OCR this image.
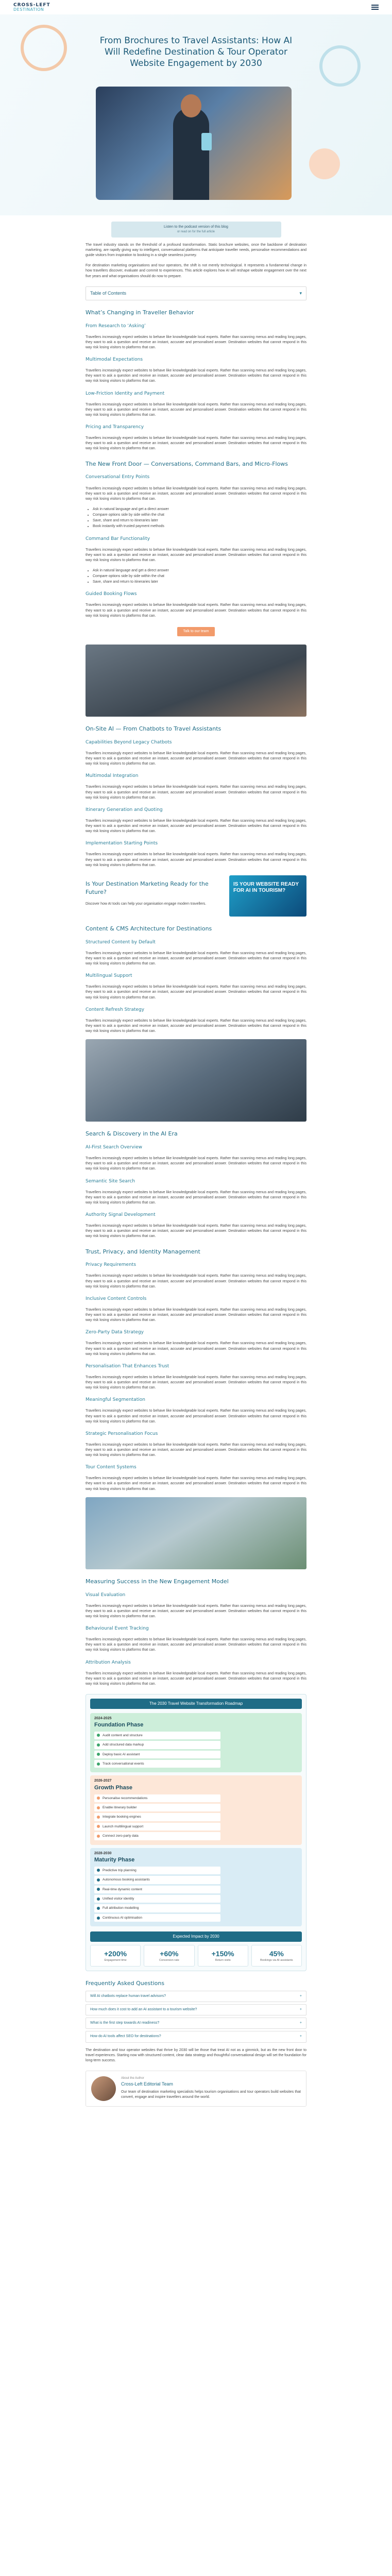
CROSS-LEFT
DESTINATION
From Brochures to Travel Assistants: How AI Will Redefine Destination & Tour Operator Website Engagement by 2030
Listen to the podcast version of this blog
or read on for the full article

The travel industry stands on the threshold of a profound transformation. Static brochure websites, once the backbone of destination marketing, are rapidly giving way to intelligent, conversational platforms that anticipate traveller needs, personalise recommendations and guide visitors from inspiration to booking in a single seamless journey.

For destination marketing organisations and tour operators, the shift is not merely technological. It represents a fundamental change in how travellers discover, evaluate and commit to experiences. This article explores how AI will reshape website engagement over the next five years and what organisations should do now to prepare.

Table of Contents	▾
What’s Changing in Traveller Behavior
From Research to ‘Asking’

Travellers increasingly expect websites to behave like knowledgeable local experts. Rather than scanning menus and reading long pages, they want to ask a question and receive an instant, accurate and personalised answer. Destination websites that cannot respond in this way risk losing visitors to platforms that can.

Multimodal Expectations

Travellers increasingly expect websites to behave like knowledgeable local experts. Rather than scanning menus and reading long pages, they want to ask a question and receive an instant, accurate and personalised answer. Destination websites that cannot respond in this way risk losing visitors to platforms that can.

Low-Friction Identity and Payment

Travellers increasingly expect websites to behave like knowledgeable local experts. Rather than scanning menus and reading long pages, they want to ask a question and receive an instant, accurate and personalised answer. Destination websites that cannot respond in this way risk losing visitors to platforms that can.

Pricing and Transparency

Travellers increasingly expect websites to behave like knowledgeable local experts. Rather than scanning menus and reading long pages, they want to ask a question and receive an instant, accurate and personalised answer. Destination websites that cannot respond in this way risk losing visitors to platforms that can.

The New Front Door — Conversations, Command Bars, and Micro-Flows
Conversational Entry Points

Travellers increasingly expect websites to behave like knowledgeable local experts. Rather than scanning menus and reading long pages, they want to ask a question and receive an instant, accurate and personalised answer. Destination websites that cannot respond in this way risk losing visitors to platforms that can.

• Ask in natural language and get a direct answer
• Compare options side by side within the chat
• Save, share and return to itineraries later
• Book instantly with trusted payment methods
Command Bar Functionality

Travellers increasingly expect websites to behave like knowledgeable local experts. Rather than scanning menus and reading long pages, they want to ask a question and receive an instant, accurate and personalised answer. Destination websites that cannot respond in this way risk losing visitors to platforms that can.

• Ask in natural language and get a direct answer
• Compare options side by side within the chat
• Save, share and return to itineraries later
Guided Booking Flows

Travellers increasingly expect websites to behave like knowledgeable local experts. Rather than scanning menus and reading long pages, they want to ask a question and receive an instant, accurate and personalised answer. Destination websites that cannot respond in this way risk losing visitors to platforms that can.

Talk to our team
On-Site AI — From Chatbots to Travel Assistants
Capabilities Beyond Legacy Chatbots

Travellers increasingly expect websites to behave like knowledgeable local experts. Rather than scanning menus and reading long pages, they want to ask a question and receive an instant, accurate and personalised answer. Destination websites that cannot respond in this way risk losing visitors to platforms that can.

Multimodal Integration

Travellers increasingly expect websites to behave like knowledgeable local experts. Rather than scanning menus and reading long pages, they want to ask a question and receive an instant, accurate and personalised answer. Destination websites that cannot respond in this way risk losing visitors to platforms that can.

Itinerary Generation and Quoting

Travellers increasingly expect websites to behave like knowledgeable local experts. Rather than scanning menus and reading long pages, they want to ask a question and receive an instant, accurate and personalised answer. Destination websites that cannot respond in this way risk losing visitors to platforms that can.

Implementation Starting Points

Travellers increasingly expect websites to behave like knowledgeable local experts. Rather than scanning menus and reading long pages, they want to ask a question and receive an instant, accurate and personalised answer. Destination websites that cannot respond in this way risk losing visitors to platforms that can.

Is Your Destination Marketing Ready for the Future?

Discover how AI tools can help your organisation engage modern travellers.

IS YOUR WEBSITE READY FOR AI IN TOURISM?
Content & CMS Architecture for Destinations
Structured Content by Default

Travellers increasingly expect websites to behave like knowledgeable local experts. Rather than scanning menus and reading long pages, they want to ask a question and receive an instant, accurate and personalised answer. Destination websites that cannot respond in this way risk losing visitors to platforms that can.

Multilingual Support

Travellers increasingly expect websites to behave like knowledgeable local experts. Rather than scanning menus and reading long pages, they want to ask a question and receive an instant, accurate and personalised answer. Destination websites that cannot respond in this way risk losing visitors to platforms that can.

Content Refresh Strategy

Travellers increasingly expect websites to behave like knowledgeable local experts. Rather than scanning menus and reading long pages, they want to ask a question and receive an instant, accurate and personalised answer. Destination websites that cannot respond in this way risk losing visitors to platforms that can.

Search & Discovery in the AI Era
AI-First Search Overview

Travellers increasingly expect websites to behave like knowledgeable local experts. Rather than scanning menus and reading long pages, they want to ask a question and receive an instant, accurate and personalised answer. Destination websites that cannot respond in this way risk losing visitors to platforms that can.

Semantic Site Search

Travellers increasingly expect websites to behave like knowledgeable local experts. Rather than scanning menus and reading long pages, they want to ask a question and receive an instant, accurate and personalised answer. Destination websites that cannot respond in this way risk losing visitors to platforms that can.

Authority Signal Development

Travellers increasingly expect websites to behave like knowledgeable local experts. Rather than scanning menus and reading long pages, they want to ask a question and receive an instant, accurate and personalised answer. Destination websites that cannot respond in this way risk losing visitors to platforms that can.

Trust, Privacy, and Identity Management
Privacy Requirements

Travellers increasingly expect websites to behave like knowledgeable local experts. Rather than scanning menus and reading long pages, they want to ask a question and receive an instant, accurate and personalised answer. Destination websites that cannot respond in this way risk losing visitors to platforms that can.

Inclusive Content Controls

Travellers increasingly expect websites to behave like knowledgeable local experts. Rather than scanning menus and reading long pages, they want to ask a question and receive an instant, accurate and personalised answer. Destination websites that cannot respond in this way risk losing visitors to platforms that can.

Zero-Party Data Strategy

Travellers increasingly expect websites to behave like knowledgeable local experts. Rather than scanning menus and reading long pages, they want to ask a question and receive an instant, accurate and personalised answer. Destination websites that cannot respond in this way risk losing visitors to platforms that can.

Personalisation That Enhances Trust

Travellers increasingly expect websites to behave like knowledgeable local experts. Rather than scanning menus and reading long pages, they want to ask a question and receive an instant, accurate and personalised answer. Destination websites that cannot respond in this way risk losing visitors to platforms that can.

Meaningful Segmentation

Travellers increasingly expect websites to behave like knowledgeable local experts. Rather than scanning menus and reading long pages, they want to ask a question and receive an instant, accurate and personalised answer. Destination websites that cannot respond in this way risk losing visitors to platforms that can.

Strategic Personalisation Focus

Travellers increasingly expect websites to behave like knowledgeable local experts. Rather than scanning menus and reading long pages, they want to ask a question and receive an instant, accurate and personalised answer. Destination websites that cannot respond in this way risk losing visitors to platforms that can.

Tour Content Systems

Travellers increasingly expect websites to behave like knowledgeable local experts. Rather than scanning menus and reading long pages, they want to ask a question and receive an instant, accurate and personalised answer. Destination websites that cannot respond in this way risk losing visitors to platforms that can.

Measuring Success in the New Engagement Model
Visual Evaluation

Travellers increasingly expect websites to behave like knowledgeable local experts. Rather than scanning menus and reading long pages, they want to ask a question and receive an instant, accurate and personalised answer. Destination websites that cannot respond in this way risk losing visitors to platforms that can.

Behavioural Event Tracking

Travellers increasingly expect websites to behave like knowledgeable local experts. Rather than scanning menus and reading long pages, they want to ask a question and receive an instant, accurate and personalised answer. Destination websites that cannot respond in this way risk losing visitors to platforms that can.

Attribution Analysis

Travellers increasingly expect websites to behave like knowledgeable local experts. Rather than scanning menus and reading long pages, they want to ask a question and receive an instant, accurate and personalised answer. Destination websites that cannot respond in this way risk losing visitors to platforms that can.

The 2030 Travel Website Transformation Roadmap
2024-2025
Foundation Phase
Audit content and structure
Add structured data markup
Deploy basic AI assistant
Track conversational events
2026-2027
Growth Phase
Personalise recommendations
Enable itinerary builder
Integrate booking engines
Launch multilingual support
Connect zero-party data
2028-2030
Maturity Phase
Predictive trip planning
Autonomous booking assistants
Real-time dynamic content
Unified visitor identity
Full attribution modelling
Continuous AI optimisation
Expected Impact by 2030
+200%
Engagement time
+60%
Conversion rate
+150%
Return visits
45%
Bookings via AI assistants
Frequently Asked Questions
Will AI chatbots replace human travel advisors?	+
How much does it cost to add an AI assistant to a tourism website?	+
What is the first step towards AI readiness?	+
How do AI tools affect SEO for destinations?	+

The destination and tour operator websites that thrive by 2030 will be those that treat AI not as a gimmick, but as the new front door to travel experiences. Starting now with structured content, clear data strategy and thoughtful conversational design will set the foundation for long-term success.

About the Author
Cross-Left Editorial Team

Our team of destination marketing specialists helps tourism organisations and tour operators build websites that convert, engage and inspire travellers around the world.
